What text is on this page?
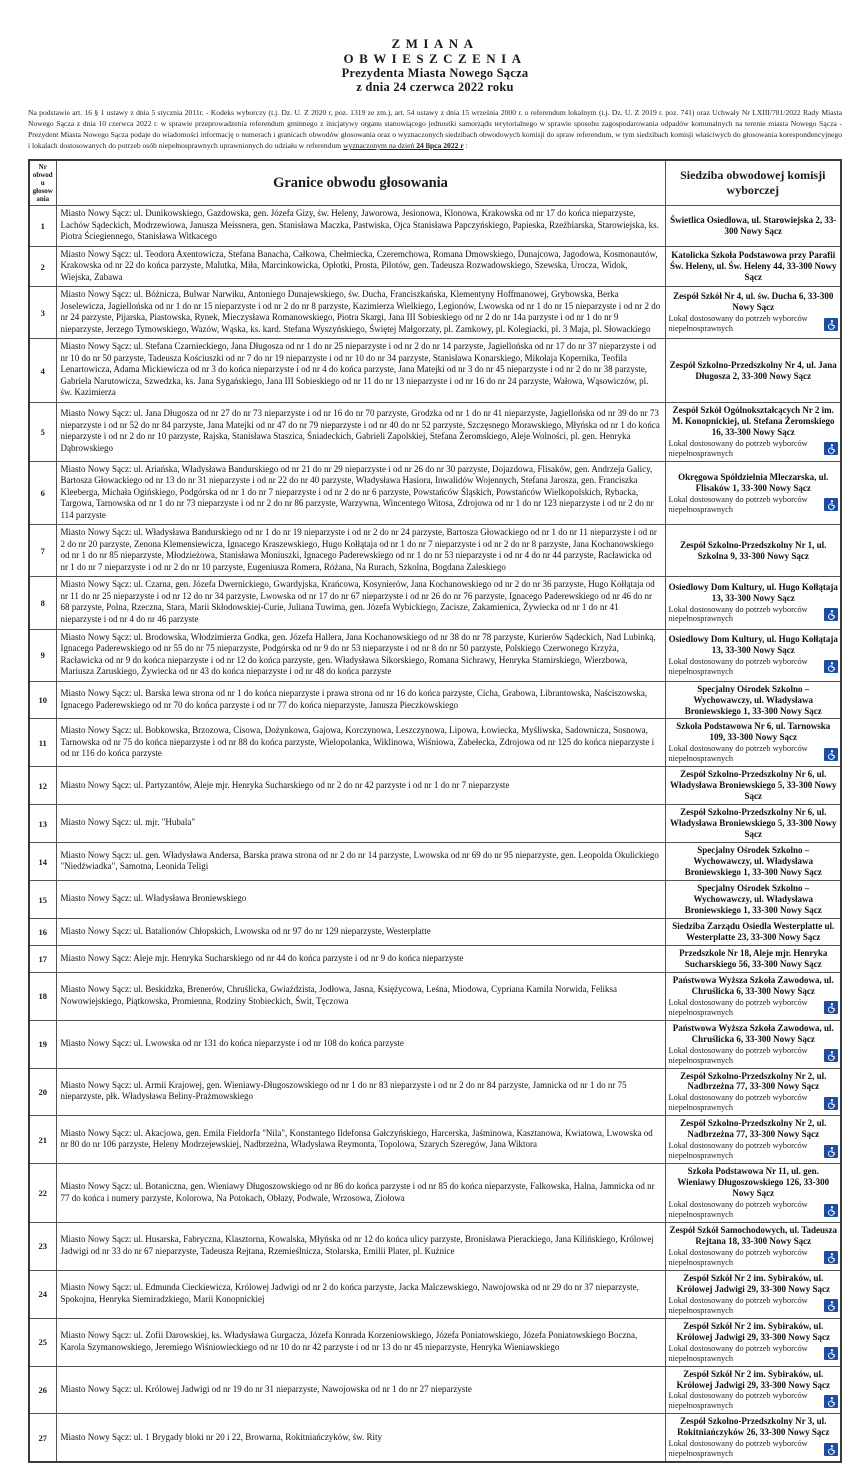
ZMIANA
OBWIESZCZENIA
Prezydenta Miasta Nowego Sącza
z dnia 24 czerwca 2022 roku

Na podstawie art. 16 § 1 ustawy z dnia 5 stycznia 2011r. - Kodeks wyborczy (t.j. Dz. U. Z 2020 r, poz. 1319 ze zm.), art. 54 ustawy z dnia 15 września 2000 r. o referendum lokalnym (t.j. Dz. U. Z 2019 r. poz. 741) oraz Uchwały Nr LXIII/781/2022 Rady Miasta Nowego Sącza z dnia 10 czerwca 2022 r. w sprawie przeprowadzenia referendum gminnego z inicjatywy organu stanowiącego jednostki samorządu terytorialnego w sprawie sposobu zagospodarowania odpadów komunalnych na terenie miasta Nowego Sącza - Prezydent Miasta Nowego Sącza podaje do wiadomości informację o numerach i granicach obwodów głosowania oraz o wyznaczonych siedzibach obwodowych komisji do spraw referendum, w tym siedzibach komisji właściwych do głosowania korespondencyjnego i lokalach dostosowanych do potrzeb osób niepełnosprawnych uprawnionych do udziału w referendum wyznaczonym na dzień 24 lipca 2022 r :

Nr obwodu głosowania	Granice obwodu głosowania	Siedziba obwodowej komisji wyborczej
1	Miasto Nowy Sącz: ul. Dunikowskiego, Gazdowska, gen. Józefa Gizy, św. Heleny, Jaworowa, Jesionowa, Klonowa, Krakowska od nr 17 do końca nieparzyste, Lachów Sądeckich, Modrzewiowa, Janusza Meissnera, gen. Stanisława Maczka, Pastwiska, Ojca Stanisława Papczyńskiego, Papieska, Rzeźbiarska, Starowiejska, ks. Piotra Ściegiennego, Stanisława Witkacego	Świetlica Osiedlowa, ul. Starowiejska 2, 33-300 Nowy Sącz

2	Miasto Nowy Sącz: ul. Teodora Axentowicza, Stefana Banacha, Całkowa, Chełmiecka, Czeremchowa, Romana Dmowskiego, Dunajcowa, Jagodowa, Kosmonautów, Krakowska od nr 22 do końca parzyste, Malutka, Miła, Marcinkowicka, Opłotki, Prosta, Pilotów, gen. Tadeusza Rozwadowskiego, Szewska, Urocza, Widok, Wiejska, Zabawa	Katolicka Szkoła Podstawowa przy Parafii Św. Heleny, ul. Św. Heleny 44, 33-300 Nowy Sącz

3	Miasto Nowy Sącz: ul. Bóżnicza, Bulwar Narwiku, Antoniego Dunajewskiego, św. Ducha, Franciszkańska, Klementyny Hoffmanowej, Grybowska, Berka Joselewicza, Jagiellońska od nr 1 do nr 15 nieparzyste i od nr 2 do nr 8 parzyste, Kazimierza Wielkiego, Legionów, Lwowska od nr 1 do nr 15 nieparzyste i od nr 2 do nr 24 parzyste, Pijarska, Piastowska, Rynek, Mieczysława Romanowskiego, Piotra Skargi, Jana III Sobieskiego od nr 2 do nr 14a parzyste i od nr 1 do nr 9 nieparzyste, Jerzego Tymowskiego, Wazów, Wąska, ks. kard. Stefana Wyszyńskiego, Świętej Małgorzaty, pl. Zamkowy, pl. Kolegiacki, pl. 3 Maja, pl. Słowackiego	Zespół Szkół Nr 4, ul. św. Ducha 6, 33-300 Nowy Sącz
Lokal dostosowany do potrzeb wyborców niepełnosprawnych

4	Miasto Nowy Sącz: ul. Stefana Czarnieckiego, Jana Długosza od nr 1 do nr 25 nieparzyste i od nr 2 do nr 14 parzyste, Jagiellońska od nr 17 do nr 37 nieparzyste i od nr 10 do nr 50 parzyste, Tadeusza Kościuszki od nr 7 do nr 19 nieparzyste i od nr 10 do nr 34 parzyste, Stanisława Konarskiego, Mikołaja Kopernika, Teofila Lenartowicza, Adama Mickiewicza od nr 3 do końca nieparzyste i od nr 4 do końca parzyste, Jana Matejki od nr 3 do nr 45 nieparzyste i od nr 2 do nr 38 parzyste, Gabriela Narutowicza, Szwedzka, ks. Jana Sygańskiego, Jana III Sobieskiego od nr 11 do nr 13 nieparzyste i od nr 16 do nr 24 parzyste, Wałowa, Wąsowiczów, pl. św. Kazimierza	Zespół Szkolno-Przedszkolny Nr 4, ul. Jana Długosza 2, 33-300 Nowy Sącz

5	Miasto Nowy Sącz: ul. Jana Długosza od nr 27 do nr 73 nieparzyste i od nr 16 do nr 70 parzyste, Grodzka od nr 1 do nr 41 nieparzyste, Jagiellońska od nr 39 do nr 73 nieparzyste i od nr 52 do nr 84 parzyste, Jana Matejki od nr 47 do nr 79 nieparzyste i od nr 40 do nr 52 parzyste, Szczęsnego Morawskiego, Młyńska od nr 1 do końca nieparzyste i od nr 2 do nr 10 parzyste, Rajska, Stanisława Staszica, Śniadeckich, Gabrieli Zapolskiej, Stefana Żeromskiego, Aleje Wolności, pl. gen. Henryka Dąbrowskiego	Zespół Szkół Ogólnokształcących Nr 2 im. M. Konopnickiej, ul. Stefana Żeromskiego 16, 33-300 Nowy Sącz
Lokal dostosowany do potrzeb wyborców niepełnosprawnych

6	Miasto Nowy Sącz: ul. Ariańska, Władysława Bandurskiego od nr 21 do nr 29 nieparzyste i od nr 26 do nr 30 parzyste, Dojazdowa, Flisaków, gen. Andrzeja Galicy, Bartosza Głowackiego od nr 13 do nr 31 nieparzyste i od nr 22 do nr 40 parzyste, Władysława Hasiora, Inwalidów Wojennych, Stefana Jarosza, gen. Franciszka Kleeberga, Michała Ogińskiego, Podgórska od nr 1 do nr 7 nieparzyste i od nr 2 do nr 6 parzyste, Powstańców Śląskich, Powstańców Wielkopolskich, Rybacka, Targowa, Tarnowska od nr 1 do nr 73 nieparzyste i od nr 2 do nr 86 parzyste, Warzywna, Wincentego Witosa, Zdrojowa od nr 1 do nr 123 nieparzyste i od nr 2 do nr 114 parzyste	Okręgowa Spółdzielnia Mleczarska, ul. Flisaków 1, 33-300 Nowy Sącz
Lokal dostosowany do potrzeb wyborców niepełnosprawnych

7	Miasto Nowy Sącz: ul. Władysława Bandurskiego od nr 1 do nr 19 nieparzyste i od nr 2 do nr 24 parzyste, Bartosza Głowackiego od nr 1 do nr 11 nieparzyste i od nr 2 do nr 20 parzyste, Zenona Klemensiewicza, Ignacego Kraszewskiego, Hugo Kołłątaja od nr 1 do nr 7 nieparzyste i od nr 2 do nr 8 parzyste, Jana Kochanowskiego od nr 1 do nr 85 nieparzyste, Młodzieżowa, Stanisława Moniuszki, Ignacego Paderewskiego od nr 1 do nr 53 nieparzyste i od nr 4 do nr 44 parzyste, Racławicka od nr 1 do nr 7 nieparzyste i od nr 2 do nr 10 parzyste, Eugeniusza Romera, Różana, Na Rurach, Szkolna, Bogdana Zaleskiego	Zespół Szkolno-Przedszkolny Nr 1, ul. Szkolna 9, 33-300 Nowy Sącz

8	Miasto Nowy Sącz: ul. Czarna, gen. Józefa Dwernickiego, Gwardyjska, Krańcowa, Kosynierów, Jana Kochanowskiego od nr 2 do nr 36 parzyste, Hugo Kołłątaja od nr 11 do nr 25 nieparzyste i od nr 12 do nr 34 parzyste, Lwowska od nr 17 do nr 67 nieparzyste i od nr 26 do nr 76 parzyste, Ignacego Paderewskiego od nr 46 do nr 68 parzyste, Polna, Rzeczna, Stara, Marii Skłodowskiej-Curie, Juliana Tuwima, gen. Józefa Wybickiego, Zacisze, Zakamienica, Żywiecka od nr 1 do nr 41 nieparzyste i od nr 4 do nr 46 parzyste	Osiedlowy Dom Kultury, ul. Hugo Kołłątaja 13, 33-300 Nowy Sącz
Lokal dostosowany do potrzeb wyborców niepełnosprawnych

9	Miasto Nowy Sącz: ul. Brodowska, Włodzimierza Godka, gen. Józefa Hallera, Jana Kochanowskiego od nr 38 do nr 78 parzyste, Kurierów Sądeckich, Nad Lubinką, Ignacego Paderewskiego od nr 55 do nr 75 nieparzyste, Podgórska od nr 9 do nr 53 nieparzyste i od nr 8 do nr 50 parzyste, Polskiego Czerwonego Krzyża, Racławicka od nr 9 do końca nieparzyste i od nr 12 do końca parzyste, gen. Władysława Sikorskiego, Romana Sichrawy, Henryka Stamirskiego, Wierzbowa, Mariusza Zaruskiego, Żywiecka od nr 43 do końca nieparzyste i od nr 48 do końca parzyste	Osiedlowy Dom Kultury, ul. Hugo Kołłątaja 13, 33-300 Nowy Sącz
Lokal dostosowany do potrzeb wyborców niepełnosprawnych

10	Miasto Nowy Sącz: ul. Barska lewa strona od nr 1 do końca nieparzyste i prawa strona od nr 16 do końca parzyste, Cicha, Grabowa, Librantowska, Naściszowska, Ignacego Paderewskiego od nr 70 do końca parzyste i od nr 77 do końca nieparzyste, Janusza Pieczkowskiego	Specjalny Ośrodek Szkolno – Wychowawczy, ul. Władysława Broniewskiego 1, 33-300 Nowy Sącz

11	Miasto Nowy Sącz: ul. Bobkowska, Brzozowa, Cisowa, Dożynkowa, Gajowa, Korczynowa, Leszczynowa, Lipowa, Łowiecka, Myśliwska, Sadownicza, Sosnowa, Tarnowska od nr 75 do końca nieparzyste i od nr 88 do końca parzyste, Wielopolanka, Wiklinowa, Wiśniowa, Zabełecka, Zdrojowa od nr 125 do końca nieparzyste i od nr 116 do końca parzyste	Szkoła Podstawowa Nr 6, ul. Tarnowska 109, 33-300 Nowy Sącz
Lokal dostosowany do potrzeb wyborców niepełnosprawnych

12	Miasto Nowy Sącz: ul. Partyzantów, Aleje mjr. Henryka Sucharskiego od nr 2 do nr 42 parzyste i od nr 1 do nr 7 nieparzyste	Zespół Szkolno-Przedszkolny Nr 6, ul. Władysława Broniewskiego 5, 33-300 Nowy Sącz

13	Miasto Nowy Sącz: ul. mjr. "Hubala"	Zespół Szkolno-Przedszkolny Nr 6, ul. Władysława Broniewskiego 5, 33-300 Nowy Sącz

14	Miasto Nowy Sącz: ul. gen. Władysława Andersa, Barska prawa strona od nr 2 do nr 14 parzyste, Lwowska od nr 69 do nr 95 nieparzyste, gen. Leopolda Okulickiego "Niedźwiadka", Samotna, Leonida Teligi	Specjalny Ośrodek Szkolno – Wychowawczy, ul. Władysława Broniewskiego 1, 33-300 Nowy Sącz

15	Miasto Nowy Sącz: ul. Władysława Broniewskiego	Specjalny Ośrodek Szkolno – Wychowawczy, ul. Władysława Broniewskiego 1, 33-300 Nowy Sącz

16	Miasto Nowy Sącz: ul. Batalionów Chłopskich, Lwowska od nr 97 do nr 129 nieparzyste, Westerplatte	Siedziba Zarządu Osiedla Westerplatte ul. Westerplatte 23, 33-300 Nowy Sącz

17	Miasto Nowy Sącz: Aleje mjr. Henryka Sucharskiego od nr 44 do końca parzyste i od nr 9 do końca nieparzyste	Przedszkole Nr 18, Aleje mjr. Henryka Sucharskiego 56, 33-300 Nowy Sącz

18	Miasto Nowy Sącz: ul. Beskidzka, Brenerów, Chruślicka, Gwiaździsta, Jodłowa, Jasna, Księżycowa, Leśna, Miodowa, Cypriana Kamila Norwida, Feliksa Nowowiejskiego, Piątkowska, Promienna, Rodziny Stobieckich, Świt, Tęczowa	Państwowa Wyższa Szkoła Zawodowa, ul. Chruślicka 6, 33-300 Nowy Sącz
Lokal dostosowany do potrzeb wyborców niepełnosprawnych

19	Miasto Nowy Sącz: ul. Lwowska od nr 131 do końca nieparzyste i od nr 108 do końca parzyste	Państwowa Wyższa Szkoła Zawodowa, ul. Chruślicka 6, 33-300 Nowy Sącz
Lokal dostosowany do potrzeb wyborców niepełnosprawnych

20	Miasto Nowy Sącz: ul. Armii Krajowej, gen. Wieniawy-Długoszowskiego od nr 1 do nr 83 nieparzyste i od nr 2 do nr 84 parzyste, Jamnicka od nr 1 do nr 75 nieparzyste, płk. Władysława Beliny-Prażmowskiego	Zespół Szkolno-Przedszkolny Nr 2, ul. Nadbrzeżna 77, 33-300 Nowy Sącz
Lokal dostosowany do potrzeb wyborców niepełnosprawnych

21	Miasto Nowy Sącz: ul. Akacjowa, gen. Emila Fieldorfa "Nila", Konstantego Ildefonsa Gałczyńskiego, Harcerska, Jaśminowa, Kasztanowa, Kwiatowa, Lwowska od nr 80 do nr 106 parzyste, Heleny Modrzejewskiej, Nadbrzeżna, Władysława Reymonta, Topolowa, Szarych Szeregów, Jana Wiktora	Zespół Szkolno-Przedszkolny Nr 2, ul. Nadbrzeżna 77, 33-300 Nowy Sącz
Lokal dostosowany do potrzeb wyborców niepełnosprawnych

22	Miasto Nowy Sącz: ul. Botaniczna, gen. Wieniawy Długoszowskiego od nr 86 do końca parzyste i od nr 85 do końca nieparzyste, Falkowska, Halna, Jamnicka od nr 77 do końca i numery parzyste, Kolorowa, Na Potokach, Obłazy, Podwale, Wrzosowa, Ziołowa	Szkoła Podstawowa Nr 11, ul. gen. Wieniawy Długoszowskiego 126, 33-300 Nowy Sącz
Lokal dostosowany do potrzeb wyborców niepełnosprawnych

23	Miasto Nowy Sącz: ul. Husarska, Fabryczna, Klasztorna, Kowalska, Młyńska od nr 12 do końca ulicy parzyste, Bronisława Pierackiego, Jana Kilińskiego, Królowej Jadwigi od nr 33 do nr 67 nieparzyste, Tadeusza Rejtana, Rzemieślnicza, Stolarska, Emilii Plater, pl. Kuźnice	Zespół Szkół Samochodowych, ul. Tadeusza Rejtana 18, 33-300 Nowy Sącz
Lokal dostosowany do potrzeb wyborców niepełnosprawnych

24	Miasto Nowy Sącz: ul. Edmunda Cieckiewicza, Królowej Jadwigi od nr 2 do końca parzyste, Jacka Malczewskiego, Nawojowska od nr 29 do nr 37 nieparzyste, Spokojna, Henryka Siemiradzkiego, Marii Konopnickiej	Zespół Szkół Nr 2 im. Sybiraków, ul. Królowej Jadwigi 29, 33-300 Nowy Sącz
Lokal dostosowany do potrzeb wyborców niepełnosprawnych

25	Miasto Nowy Sącz: ul. Zofii Darowskiej, ks. Władysława Gurgacza, Józefa Konrada Korzeniowskiego, Józefa Poniatowskiego, Józefa Poniatowskiego Boczna, Karola Szymanowskiego, Jeremiego Wiśniowieckiego od nr 10 do nr 42 parzyste i od nr 13 do nr 45 nieparzyste, Henryka Wieniawskiego	Zespół Szkół Nr 2 im. Sybiraków, ul. Królowej Jadwigi 29, 33-300 Nowy Sącz
Lokal dostosowany do potrzeb wyborców niepełnosprawnych

26	Miasto Nowy Sącz: ul. Królowej Jadwigi od nr 19 do nr 31 nieparzyste, Nawojowska od nr 1 do nr 27 nieparzyste	Zespół Szkół Nr 2 im. Sybiraków, ul. Królowej Jadwigi 29, 33-300 Nowy Sącz
Lokal dostosowany do potrzeb wyborców niepełnosprawnych

27	Miasto Nowy Sącz: ul. 1 Brygady bloki nr 20 i 22, Browarna, Rokitniańczyków, św. Rity	Zespół Szkolno-Przedszkolny Nr 3, ul. Rokitniańczyków 26, 33-300 Nowy Sącz
Lokal dostosowany do potrzeb wyborców niepełnosprawnych
